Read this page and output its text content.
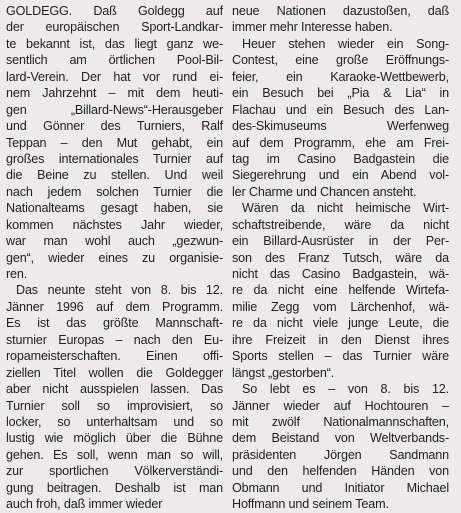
GOLDEGG. Daß Goldegg auf
der europäischen Sport-Landkar-
te bekannt ist, das liegt ganz we-
sentlich am örtlichen Pool-Bil-
lard-Verein. Der hat vor rund ei-
nem Jahrzehnt – mit dem heuti-
gen „Billard-News“-Herausgeber
und Gönner des Turniers, Ralf
Teppan – den Mut gehabt, ein
großes internationales Turnier auf
die Beine zu stellen. Und weil
nach jedem solchen Turnier die
Nationalteams gesagt haben, sie
kommen nächstes Jahr wieder,
war man wohl auch „gezwun-
gen“, wieder eines zu organisie-
ren.
Das neunte steht von 8. bis 12.
Jänner 1996 auf dem Programm.
Es ist das größte Mannschaft-
sturnier Europas – nach den Eu-
ropameisterschaften. Einen offi-
ziellen Titel wollen die Goldegger
aber nicht ausspielen lassen. Das
Turnier soll so improvisiert, so
locker, so unterhaltsam und so
lustig wie möglich über die Bühne
gehen. Es soll, wenn man so will,
zur sportlichen Völkerverständi-
gung beitragen. Deshalb ist man
auch froh, daß immer wieder
neue Nationen dazustoßen, daß
immer mehr Interesse haben.
Heuer stehen wieder ein Song-
Contest, eine große Eröffnungs-
feier, ein Karaoke-Wettbewerb,
ein Besuch bei „Pia & Lia“ in
Flachau und ein Besuch des Lan-
des-Skimuseums Werfenweg
auf dem Programm, ehe am Frei-
tag im Casino Badgastein die
Siegerehrung und ein Abend vol-
ler Charme und Chancen ansteht.
Wären da nicht heimische Wirt-
schaftstreibende, wäre da nicht
ein Billard-Ausrüster in der Per-
son des Franz Tutsch, wäre da
nicht das Casino Badgastein, wä-
re da nicht eine helfende Wirtefa-
milie Zegg vom Lärchenhof, wä-
re da nicht viele junge Leute, die
ihre Freizeit in den Dienst ihres
Sports stellen – das Turnier wäre
längst „gestorben“.
So lebt es – von 8. bis 12.
Jänner wieder auf Hochtouren –
mit zwölf Nationalmannschaften,
dem Beistand von Weltverbands-
präsidenten Jörgen Sandmann
und den helfenden Händen von
Obmann und Initiator Michael
Hoffmann und seinem Team.
